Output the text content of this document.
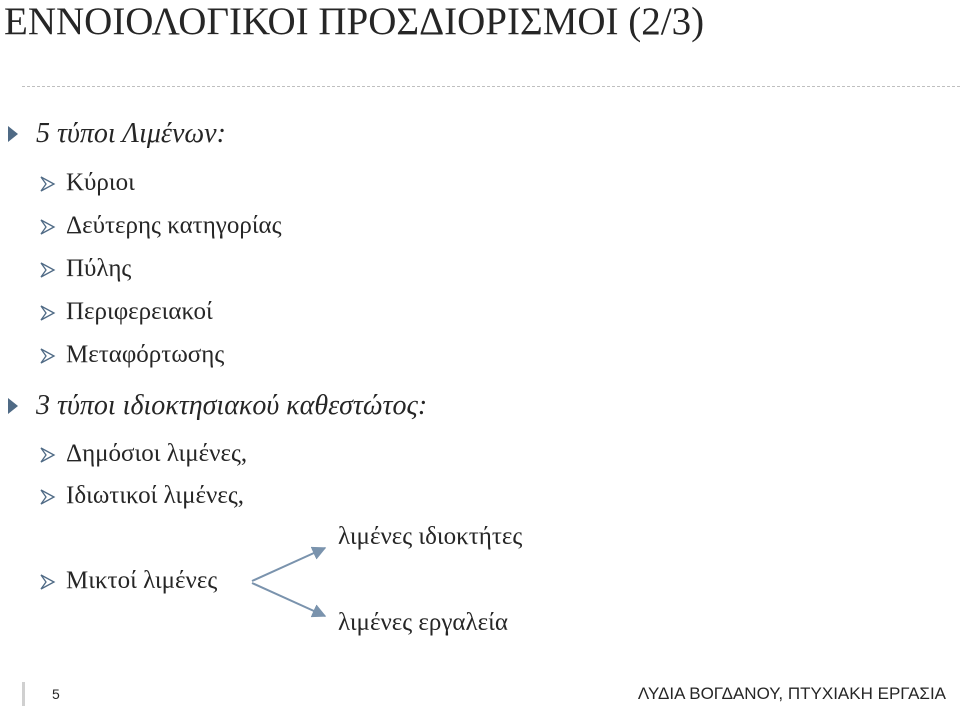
ΕΝΝΟΙΟΛΟΓΙΚΟΙ ΠΡΟΣΔΙΟΡΙΣΜΟΙ (2/3)
5 τύποι Λιμένων:
Κύριοι
Δεύτερης κατηγορίας
Πύλης
Περιφερειακοί
Μεταφόρτωσης
3 τύποι ιδιοκτησιακού καθεστώτος:
Δημόσιοι λιμένες,
Ιδιωτικοί λιμένες,
Μικτοί λιμένες
λιμένες ιδιοκτήτες
λιμένες εργαλεία
5	ΛΥΔΙΑ ΒΟΓΔΑΝΟΥ, ΠΤΥΧΙΑΚΗ ΕΡΓΑΣΙΑ
